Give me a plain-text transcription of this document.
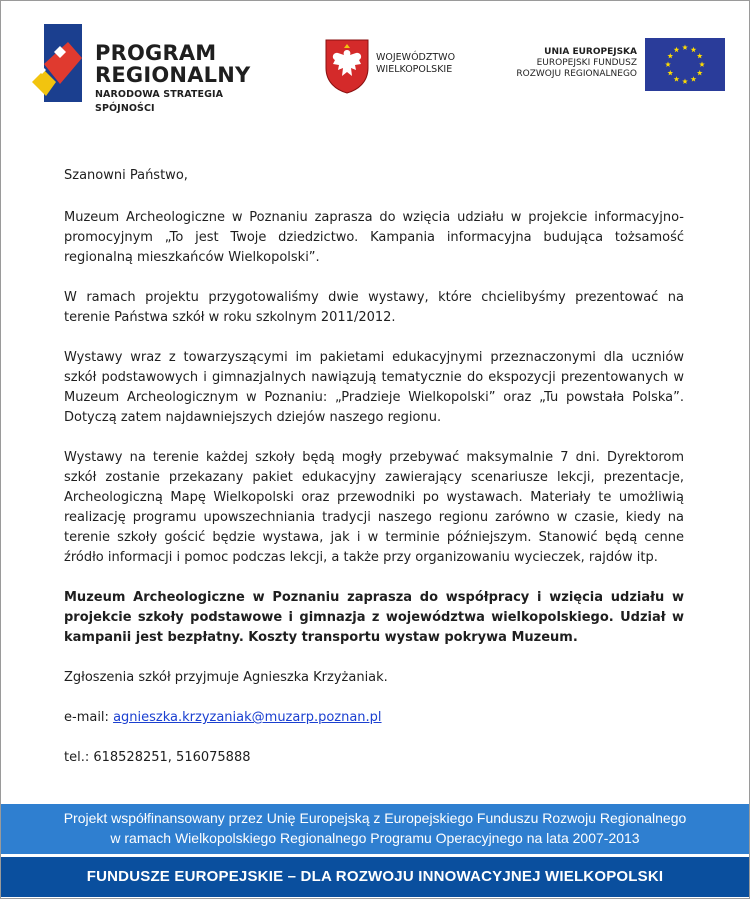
PROGRAM
REGIONALNY
NARODOWA STRATEGIA SPÓJNOŚCI
WOJEWÓDZTWO
WIELKOPOLSKIE
UNIA EUROPEJSKA
EUROPEJSKI FUNDUSZ
ROZWOJU REGIONALNEGO

Szanowni Państwo,

Muzeum Archeologiczne w Poznaniu zaprasza do wzięcia udziału w projekcie informacyjno-promocyjnym „To jest Twoje dziedzictwo. Kampania informacyjna budująca tożsamość regionalną mieszkańców Wielkopolski”.

W ramach projektu przygotowaliśmy dwie wystawy, które chcielibyśmy prezentować na terenie Państwa szkół w roku szkolnym 2011/2012.

Wystawy wraz z towarzyszącymi im pakietami edukacyjnymi przeznaczonymi dla uczniów szkół podstawowych i gimnazjalnych nawiązują tematycznie do ekspozycji prezentowanych w Muzeum Archeologicznym w Poznaniu: „Pradzieje Wielkopolski” oraz „Tu powstała Polska”. Dotyczą zatem najdawniejszych dziejów naszego regionu.

Wystawy na terenie każdej szkoły będą mogły przebywać maksymalnie 7 dni. Dyrektorom szkół zostanie przekazany pakiet edukacyjny zawierający scenariusze lekcji, prezentacje, Archeologiczną Mapę Wielkopolski oraz przewodniki po wystawach. Materiały te umożliwią realizację programu upowszechniania tradycji naszego regionu zarówno w czasie, kiedy na terenie szkoły gościć będzie wystawa, jak i w terminie późniejszym. Stanowić będą cenne źródło informacji i pomoc podczas lekcji, a także przy organizowaniu wycieczek, rajdów itp.

Muzeum Archeologiczne w Poznaniu zaprasza do współpracy i wzięcia udziału w projekcie szkoły podstawowe i gimnazja z województwa wielkopolskiego. Udział w kampanii jest bezpłatny. Koszty transportu wystaw pokrywa Muzeum.

Zgłoszenia szkół przyjmuje Agnieszka Krzyżaniak.

e-mail: agnieszka.krzyzaniak@muzarp.poznan.pl

tel.: 618528251, 516075888

Projekt współfinansowany przez Unię Europejską z Europejskiego Funduszu Rozwoju Regionalnego
w ramach Wielkopolskiego Regionalnego Programu Operacyjnego na lata 2007-2013
FUNDUSZE EUROPEJSKIE – DLA ROZWOJU INNOWACYJNEJ WIELKOPOLSKI
